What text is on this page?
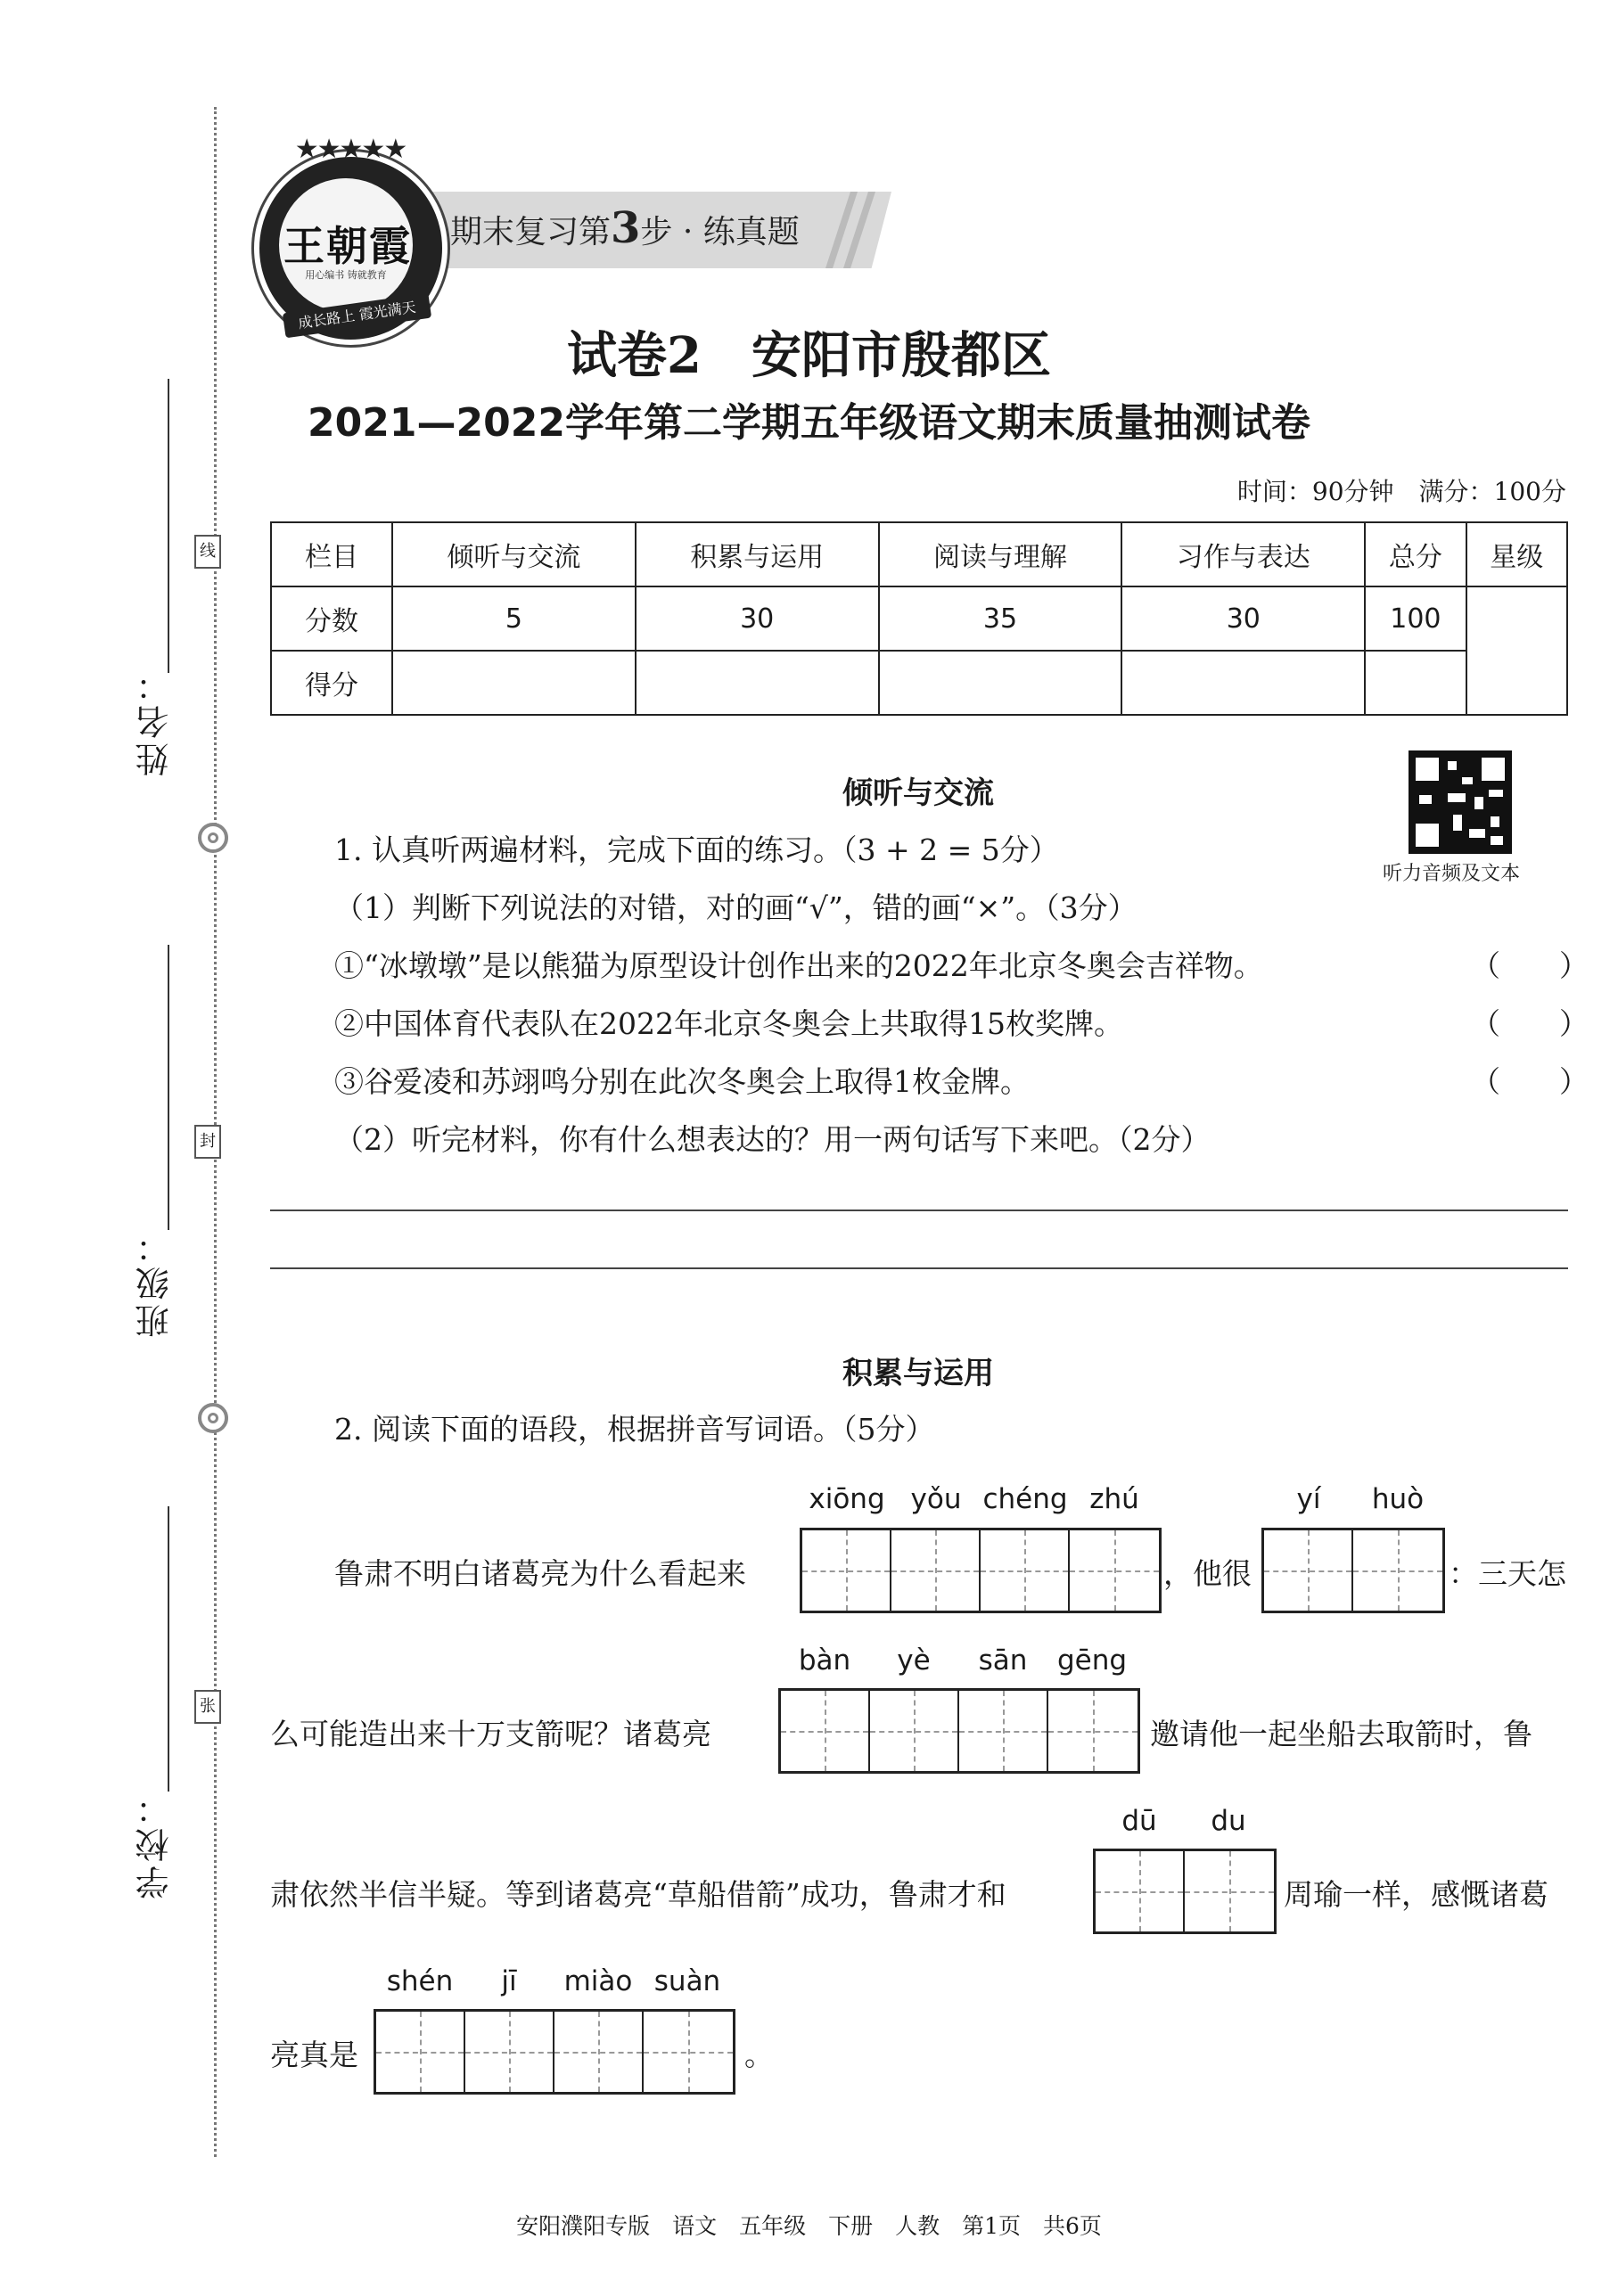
线
封
张
姓名：
班级：
学校：
期末复习第3步 · 练真题
★★★★★
王朝霞
用心编书 铸就教育
成长路上 霞光满天
试卷2　安阳市殷都区
2021—2022学年第二学期五年级语文期末质量抽测试卷
时间：90分钟　满分：100分
栏目	倾听与交流	积累与运用	阅读与理解	习作与表达	总分	星级
分数	5	30	35	30	100	
得分						
倾听与交流
听力音频及文本
1. 认真听两遍材料，完成下面的练习。（3 + 2 = 5分）
（1）判断下列说法的对错，对的画“√”，错的画“×”。（3分）
①“冰墩墩”是以熊猫为原型设计创作出来的2022年北京冬奥会吉祥物。	（　　）
②中国体育代表队在2022年北京冬奥会上共取得15枚奖牌。	（　　）
③谷爱凌和苏翊鸣分别在此次冬奥会上取得1枚金牌。	（　　）
（2）听完材料，你有什么想表达的？用一两句话写下来吧。（2分）
积累与运用
2. 阅读下面的语段，根据拼音写词语。（5分）
xiōng yǒu chéng zhú	yí	huò
鲁肃不明白诸葛亮为什么看起来	，他很	：三天怎
bàn	yè	sān	gēng
么可能造出来十万支箭呢？诸葛亮	邀请他一起坐船去取箭时，鲁
dū	du
肃依然半信半疑。等到诸葛亮“草船借箭”成功，鲁肃才和	周瑜一样，感慨诸葛
shén	jī	miào suàn
亮真是	。
安阳濮阳专版　语文　五年级　下册　人教　第1页　共6页
